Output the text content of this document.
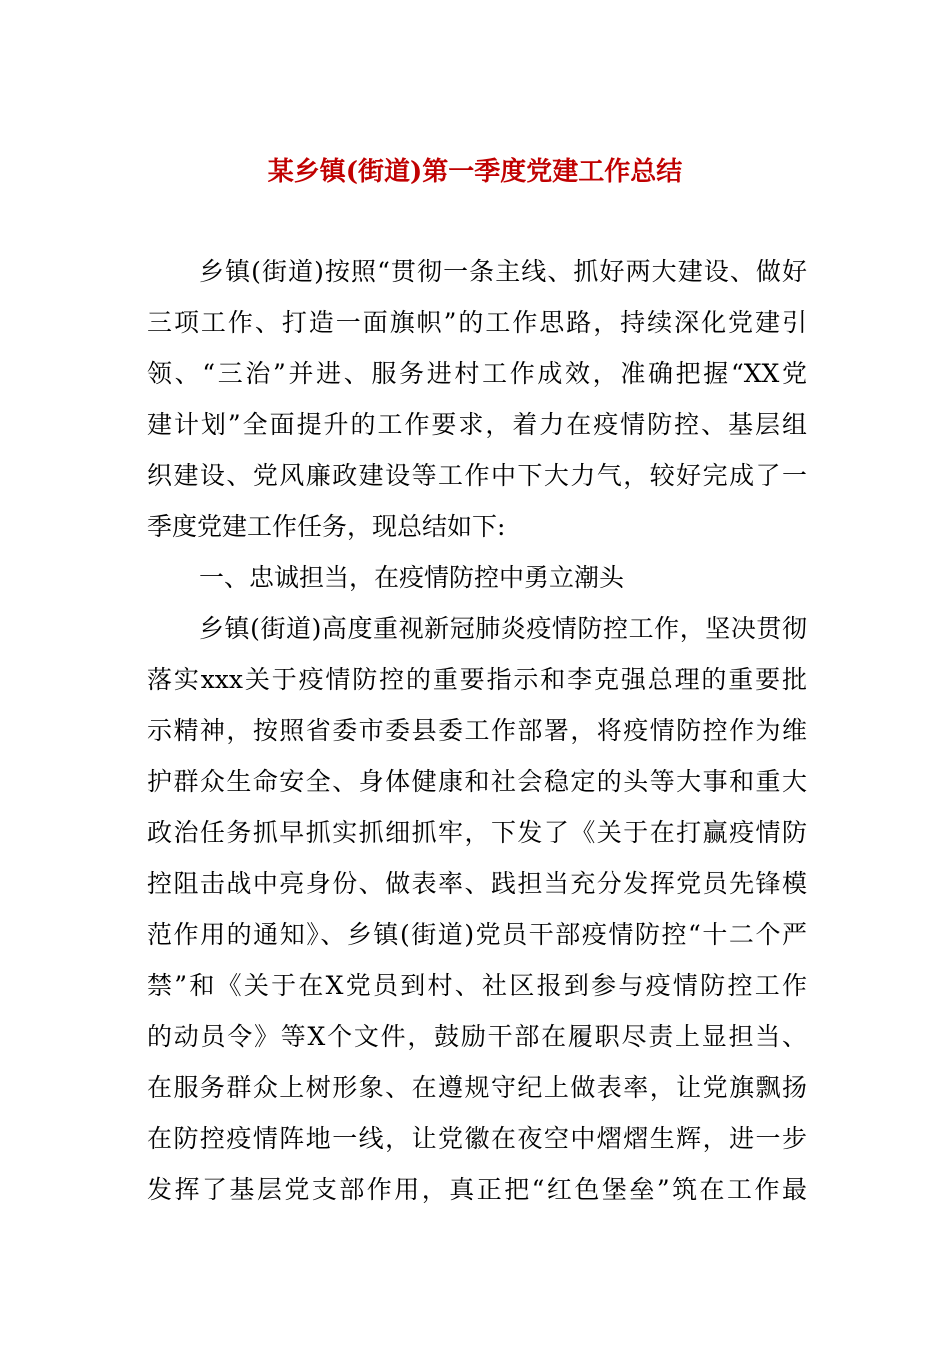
某乡镇(街道)第一季度党建工作总结
乡镇(街道)按照“贯彻一条主线、抓好两大建设、做好
三项工作、打造一面旗帜”的工作思路，持续深化党建引
领、“三治”并进、服务进村工作成效，准确把握“XX党
建计划”全面提升的工作要求，着力在疫情防控、基层组
织建设、党风廉政建设等工作中下大力气，较好完成了一
季度党建工作任务，现总结如下:
一、忠诚担当，在疫情防控中勇立潮头
乡镇(街道)高度重视新冠肺炎疫情防控工作，坚决贯彻
落实xxx关于疫情防控的重要指示和李克强总理的重要批
示精神，按照省委市委县委工作部署，将疫情防控作为维
护群众生命安全、身体健康和社会稳定的头等大事和重大
政治任务抓早抓实抓细抓牢，下发了《关于在打赢疫情防
控阻击战中亮身份、做表率、践担当充分发挥党员先锋模
范作用的通知》、乡镇(街道)党员干部疫情防控“十二个严
禁”和《关于在X党员到村、社区报到参与疫情防控工作
的动员令》等X个文件，鼓励干部在履职尽责上显担当、
在服务群众上树形象、在遵规守纪上做表率，让党旗飘扬
在防控疫情阵地一线，让党徽在夜空中熠熠生辉，进一步
发挥了基层党支部作用，真正把“红色堡垒”筑在工作最
